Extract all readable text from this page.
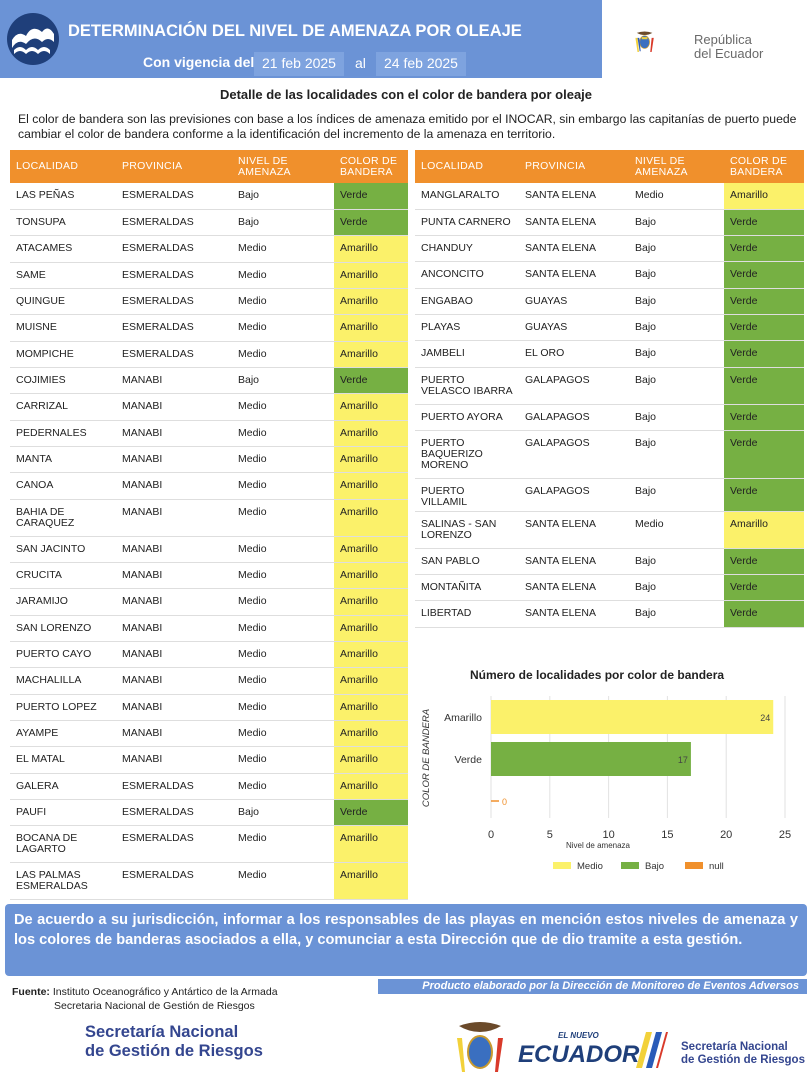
DETERMINACIÓN DEL NIVEL DE AMENAZA POR OLEAJE
Con vigencia del 21 feb 2025	al	24 feb 2025
República
del Ecuador
Detalle de las localidades con el color de bandera por oleaje
El color de bandera son las previsiones con base a los índices de amenaza emitido por el INOCAR, sin embargo las capitanías de puerto puede cambiar el color de bandera conforme a la identificación del incremento de la amenaza en territorio.
LOCALIDAD	PROVINCIA	NIVEL DE AMENAZA	COLOR DE BANDERA
LAS PEÑAS	ESMERALDAS	Bajo	Verde
TONSUPA	ESMERALDAS	Bajo	Verde
ATACAMES	ESMERALDAS	Medio	Amarillo
SAME	ESMERALDAS	Medio	Amarillo
QUINGUE	ESMERALDAS	Medio	Amarillo
MUISNE	ESMERALDAS	Medio	Amarillo
MOMPICHE	ESMERALDAS	Medio	Amarillo
COJIMIES	MANABI	Bajo	Verde
CARRIZAL	MANABI	Medio	Amarillo
PEDERNALES	MANABI	Medio	Amarillo
MANTA	MANABI	Medio	Amarillo
CANOA	MANABI	Medio	Amarillo
BAHIA DE CARAQUEZ	MANABI	Medio	Amarillo
SAN JACINTO	MANABI	Medio	Amarillo
CRUCITA	MANABI	Medio	Amarillo
JARAMIJO	MANABI	Medio	Amarillo
SAN LORENZO	MANABI	Medio	Amarillo
PUERTO CAYO	MANABI	Medio	Amarillo
MACHALILLA	MANABI	Medio	Amarillo
PUERTO LOPEZ	MANABI	Medio	Amarillo
AYAMPE	MANABI	Medio	Amarillo
EL MATAL	MANABI	Medio	Amarillo
GALERA	ESMERALDAS	Medio	Amarillo
PAUFI	ESMERALDAS	Bajo	Verde
BOCANA DE LAGARTO	ESMERALDAS	Medio	Amarillo
LAS PALMAS ESMERALDAS	ESMERALDAS	Medio	Amarillo
LOCALIDAD	PROVINCIA	NIVEL DE AMENAZA	COLOR DE BANDERA
MANGLARALTO	SANTA ELENA	Medio	Amarillo
PUNTA CARNERO	SANTA ELENA	Bajo	Verde
CHANDUY	SANTA ELENA	Bajo	Verde
ANCONCITO	SANTA ELENA	Bajo	Verde
ENGABAO	GUAYAS	Bajo	Verde
PLAYAS	GUAYAS	Bajo	Verde
JAMBELI	EL ORO	Bajo	Verde
PUERTO VELASCO IBARRA	GALAPAGOS	Bajo	Verde
PUERTO AYORA	GALAPAGOS	Bajo	Verde
PUERTO BAQUERIZO MORENO	GALAPAGOS	Bajo	Verde
PUERTO VILLAMIL	GALAPAGOS	Bajo	Verde
SALINAS - SAN LORENZO	SANTA ELENA	Medio	Amarillo
SAN PABLO	SANTA ELENA	Bajo	Verde
MONTAÑITA	SANTA ELENA	Bajo	Verde
LIBERTAD	SANTA ELENA	Bajo	Verde
Número de localidades por color de bandera
0	5	10	15	20	25
24
Amarillo
17
Verde
0
Nivel de amenaza
COLOR DE BANDERA
Medio	Bajo	null
De acuerdo a su jurisdicción, informar a los responsables de las playas en mención estos niveles de amenaza y los colores de banderas asociados a ella, y comunciar a esta Dirección que de dio tramite a esta gestión.
Fuente: Instituto Oceanográfico y Antártico de la Armada
Secretaria Nacional de Gestión de Riesgos
Producto elaborado por la Dirección de Monitoreo de Eventos Adversos
Secretaría Nacional
de Gestión de Riesgos
EL NUEVO
ECUADOR	Secretaría Nacional
de Gestión de Riesgos
